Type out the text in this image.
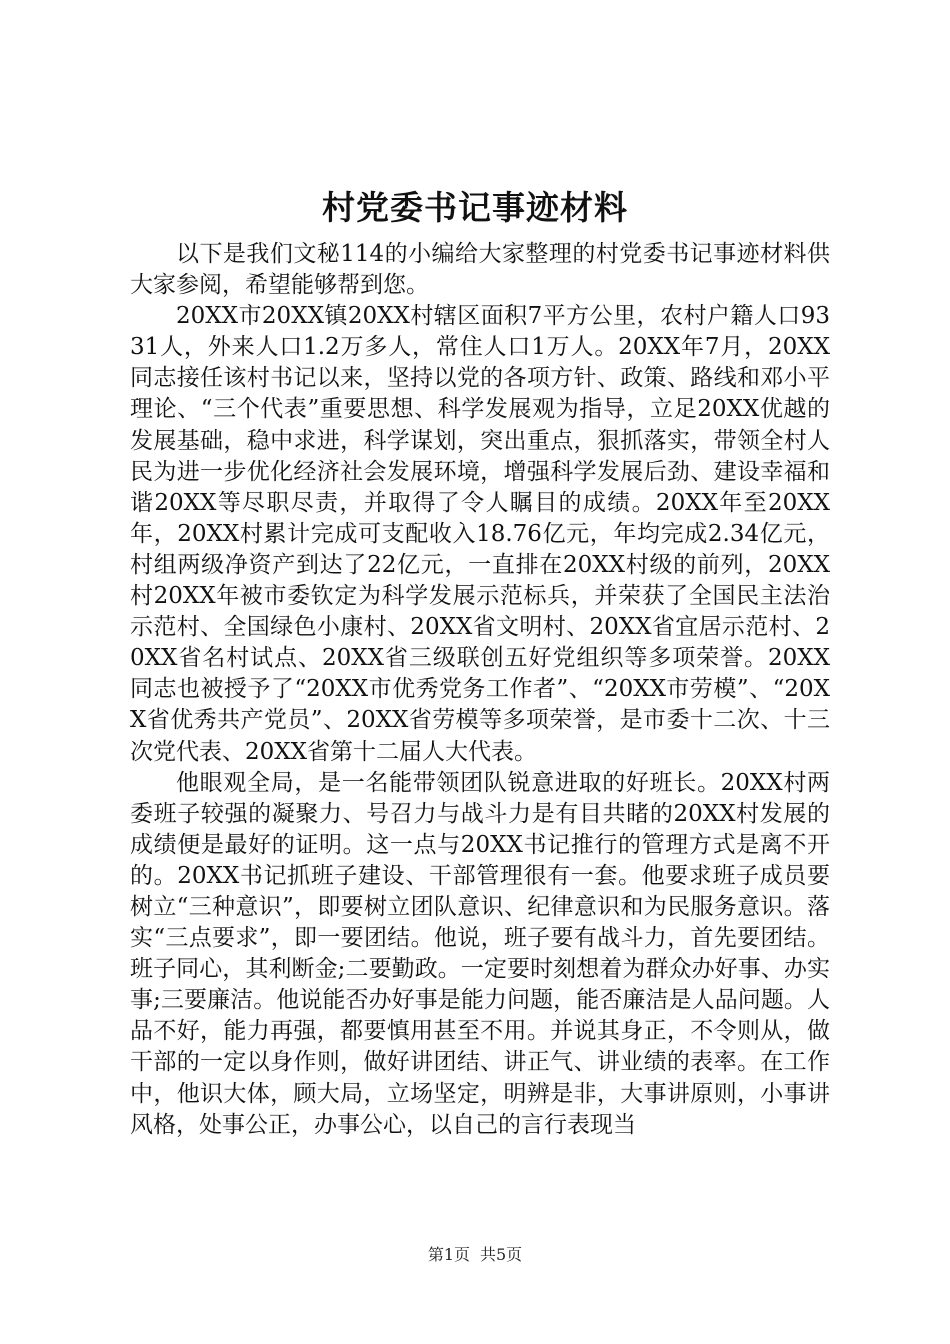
村党委书记事迹材料

以下是我们文秘114的小编给大家整理的村党委书记事迹材料供大家参阅，希望能够帮到您。

20XX市20XX镇20XX村辖区面积7平方公里，农村户籍人口9331人，外来人口1.2万多人，常住人口1万人。20XX年7月，20XX同志接任该村书记以来，坚持以党的各项方针、政策、路线和邓小平理论、“三个代表”重要思想、科学发展观为指导，立足20XX优越的发展基础，稳中求进，科学谋划，突出重点，狠抓落实，带领全村人民为进一步优化经济社会发展环境，增强科学发展后劲、建设幸福和谐20XX等尽职尽责，并取得了令人瞩目的成绩。20XX年至20XX年，20XX村累计完成可支配收入18.76亿元，年均完成2.34亿元，村组两级净资产到达了22亿元，一直排在20XX村级的前列，20XX村20XX年被市委钦定为科学发展示范标兵，并荣获了全国民主法治示范村、全国绿色小康村、20XX省文明村、20XX省宜居示范村、20XX省名村试点、20XX省三级联创五好党组织等多项荣誉。20XX同志也被授予了“20XX市优秀党务工作者”、“20XX市劳模”、“20XX省优秀共产党员”、20XX省劳模等多项荣誉，是市委十二次、十三次党代表、20XX省第十二届人大代表。

他眼观全局，是一名能带领团队锐意进取的好班长。20XX村两委班子较强的凝聚力、号召力与战斗力是有目共睹的20XX村发展的成绩便是最好的证明。这一点与20XX书记推行的管理方式是离不开的。20XX书记抓班子建设、干部管理很有一套。他要求班子成员要树立“三种意识”，即要树立团队意识、纪律意识和为民服务意识。落实“三点要求”，即一要团结。他说，班子要有战斗力，首先要团结。班子同心，其利断金;二要勤政。一定要时刻想着为群众办好事、办实事;三要廉洁。他说能否办好事是能力问题，能否廉洁是人品问题。人品不好，能力再强，都要慎用甚至不用。并说其身正，不令则从，做干部的一定以身作则，做好讲团结、讲正气、讲业绩的表率。在工作中，他识大体，顾大局，立场坚定，明辨是非，大事讲原则，小事讲风格，处事公正，办事公心，以自己的言行表现当

第1页 共5页
